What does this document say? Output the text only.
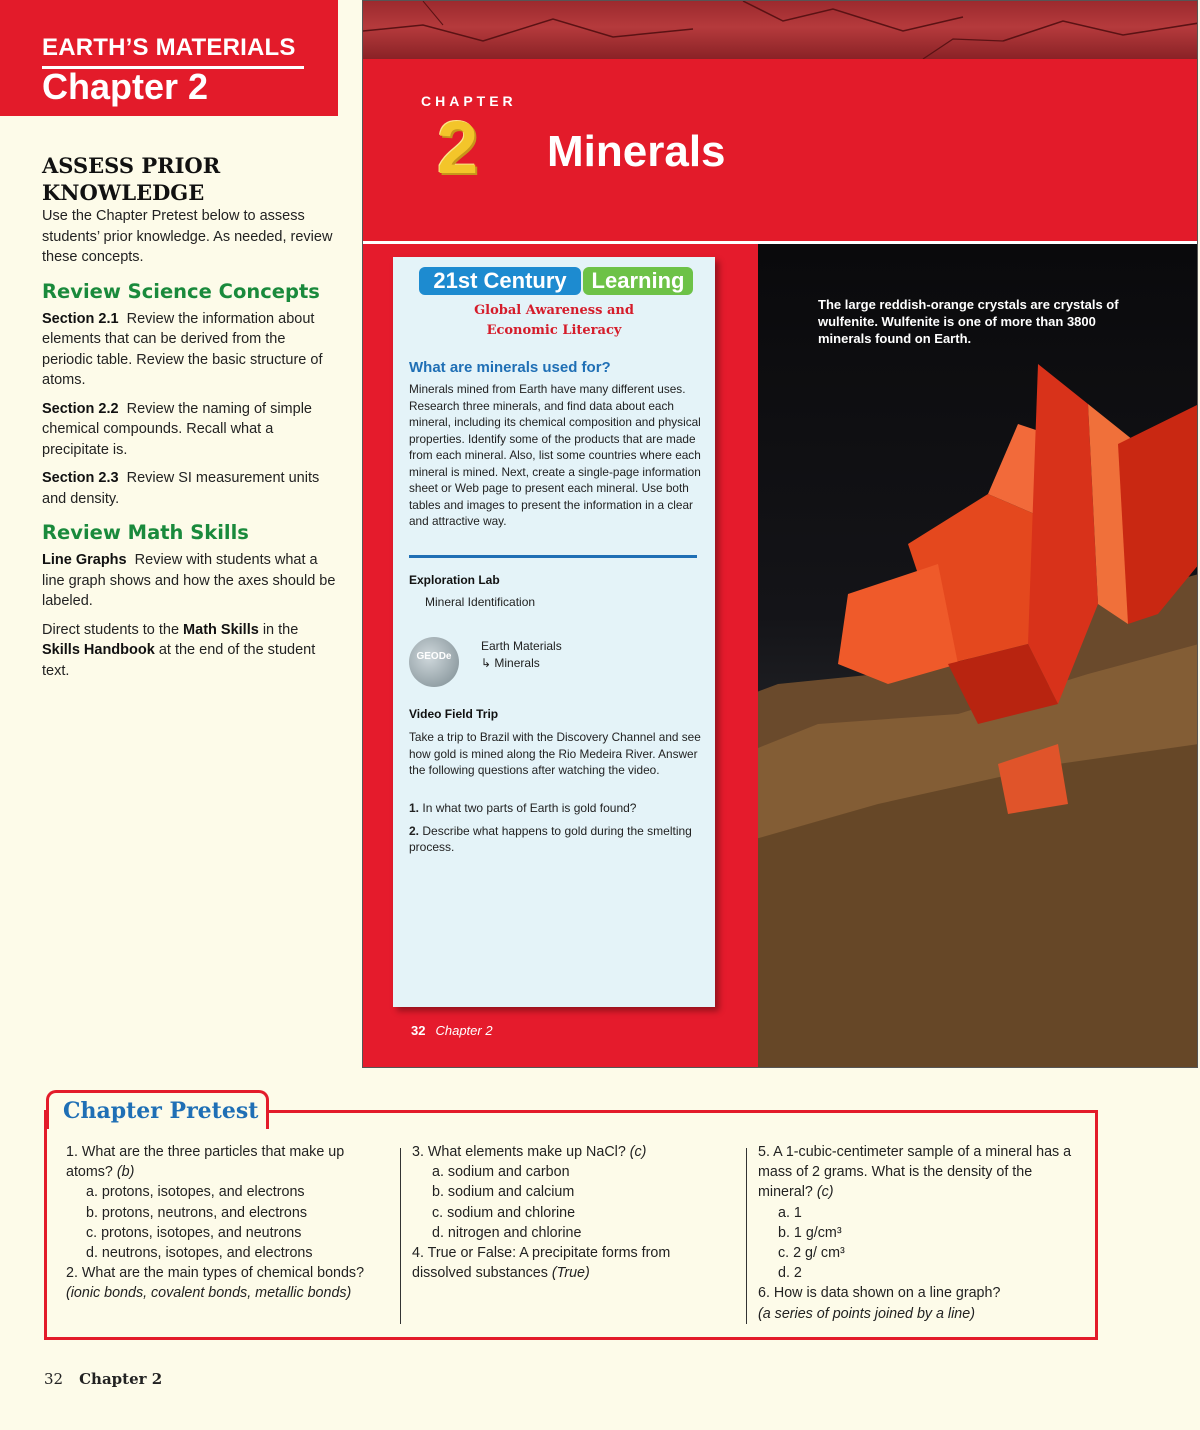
EARTH’S MATERIALS
Chapter 2
ASSESS PRIOR KNOWLEDGE

Use the Chapter Pretest below to assess students’ prior knowledge. As needed, review these concepts.

Review Science Concepts

Section 2.1 Review the information about elements that can be derived from the periodic table. Review the basic structure of atoms.

Section 2.2 Review the naming of simple chemical compounds. Recall what a precipitate is.

Section 2.3 Review SI measurement units and density.

Review Math Skills

Line Graphs Review with students what a line graph shows and how the axes should be labeled.

Direct students to the Math Skills in the Skills Handbook at the end of the student text.

CHAPTER
2 Minerals
The large reddish-orange crystals are crystals of wulfenite. Wulfenite is one of more than 3800 minerals found on Earth.
21st Century	Learning
Global Awareness and
Economic Literacy
What are minerals used for?
Minerals mined from Earth have many different uses. Research three minerals, and find data about each mineral, including its chemical composition and physical properties. Identify some of the products that are made from each mineral. Also, list some countries where each mineral is mined. Next, create a single-page information sheet or Web page to present each mineral. Use both tables and images to present the information in a clear and attractive way.
Exploration Lab
Mineral Identification
GEODe
Earth Materials
↳ Minerals
Video Field Trip
Take a trip to Brazil with the Discovery Channel and see how gold is mined along the Rio Medeira River. Answer the following questions after watching the video.
1. In what two parts of Earth is gold found?
2. Describe what happens to gold during the smelting process.
32 Chapter 2
Chapter Pretest
1. What are the three particles that make up atoms? (b)
a. protons, isotopes, and electrons
b. protons, neutrons, and electrons
c. protons, isotopes, and neutrons
d. neutrons, isotopes, and electrons
2. What are the main types of chemical bonds? (ionic bonds, covalent bonds, metallic bonds)
3. What elements make up NaCl? (c)
a. sodium and carbon
b. sodium and calcium
c. sodium and chlorine
d. nitrogen and chlorine
4. True or False: A precipitate forms from dissolved substances (True)
5. A 1-cubic-centimeter sample of a mineral has a mass of 2 grams. What is the density of the mineral? (c)
a. 1
b. 1 g/cm³
c. 2 g/ cm³
d. 2
6. How is data shown on a line graph?
(a series of points joined by a line)
32 Chapter 2
